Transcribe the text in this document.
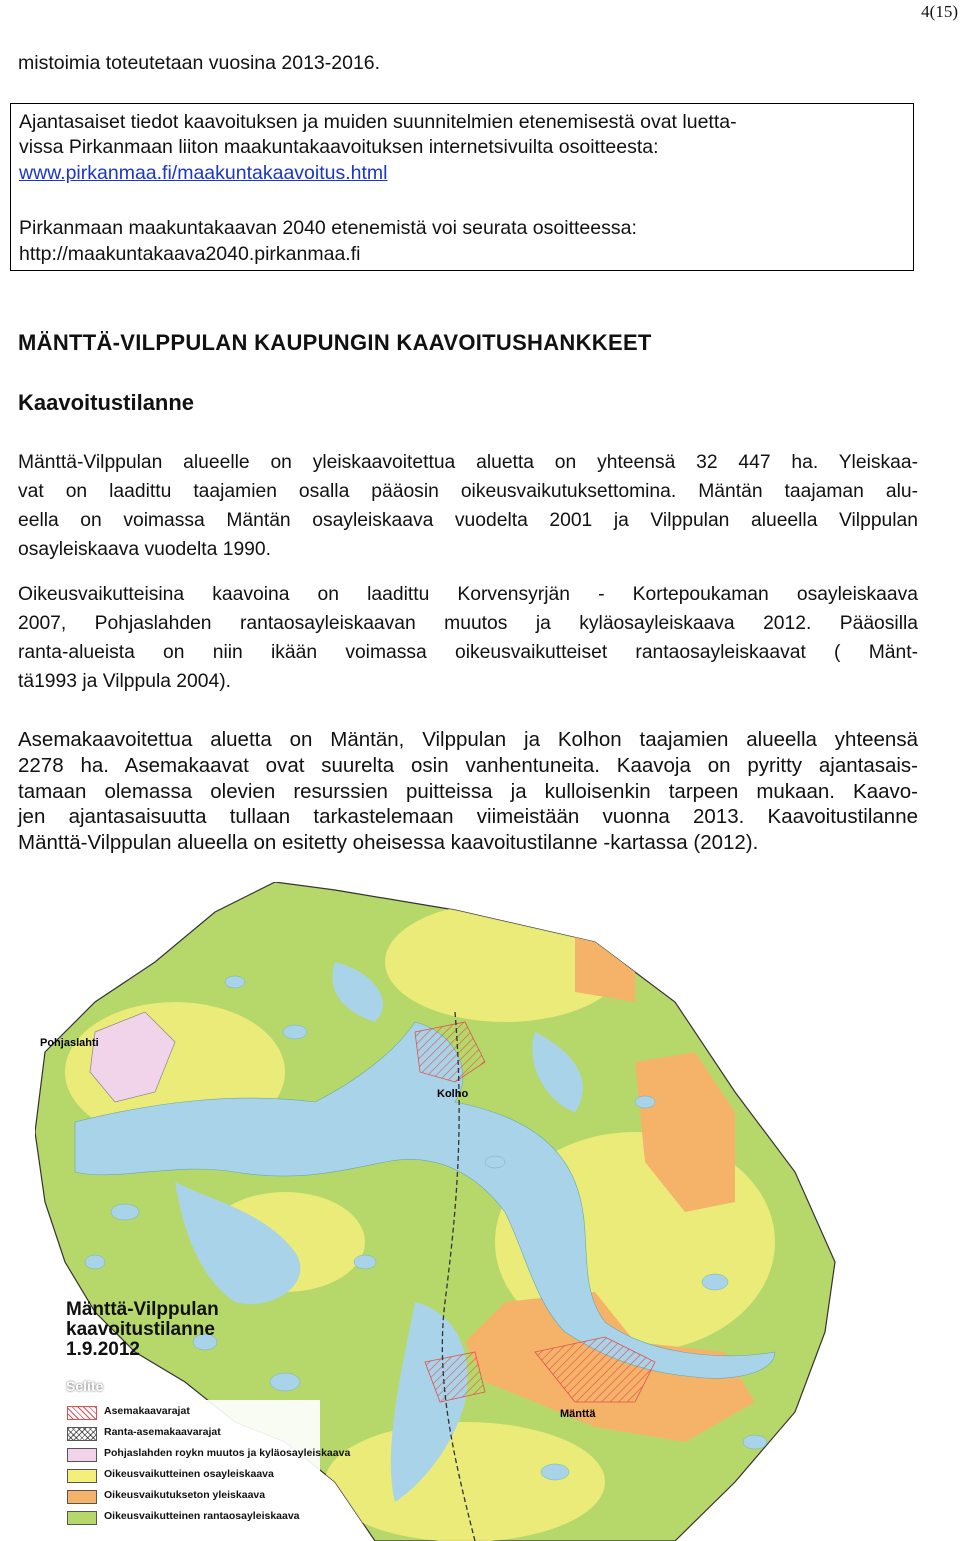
4(15)
mistoimia toteutetaan vuosina 2013-2016.
Ajantasaiset tiedot kaavoituksen ja muiden suunnitelmien etenemisestä ovat luetta-
vissa Pirkanmaan liiton maakuntakaavoituksen internetsivuilta osoitteesta:
www.pirkanmaa.fi/maakuntakaavoitus.html
Pirkanmaan maakuntakaavan 2040 etenemistä voi seurata osoitteessa:
http://maakuntakaava2040.pirkanmaa.fi
MÄNTTÄ-VILPPULAN KAUPUNGIN KAAVOITUSHANKKEET
Kaavoitustilanne
Mänttä-Vilppulan alueelle on yleiskaavoitettua aluetta on yhteensä 32 447 ha. Yleiskaa-
vat on laadittu taajamien osalla pääosin oikeusvaikutuksettomina. Mäntän taajaman alu-
eella on voimassa Mäntän osayleiskaava vuodelta 2001 ja Vilppulan alueella Vilppulan
osayleiskaava vuodelta 1990.
Oikeusvaikutteisina kaavoina on laadittu Korvensyrjän - Kortepoukaman osayleiskaava
2007, Pohjaslahden rantaosayleiskaavan muutos ja kyläosayleiskaava 2012. Pääosilla
ranta-alueista on niin ikään voimassa oikeusvaikutteiset rantaosayleiskaavat ( Mänt-
tä1993 ja Vilppula 2004).
Asemakaavoitettua aluetta on Mäntän, Vilppulan ja Kolhon taajamien alueella yhteensä
2278 ha. Asemakaavat ovat suurelta osin vanhentuneita. Kaavoja on pyritty ajantasais-
tamaan olemassa olevien resurssien puitteissa ja kulloisenkin tarpeen mukaan. Kaavo-
jen ajantasaisuutta tullaan tarkastelemaan viimeistään vuonna 2013. Kaavoitustilanne
Mänttä-Vilppulan alueella on esitetty oheisessa kaavoitustilanne -kartassa (2012).
Pohjaslahti
Kolho
Mänttä
Mänttä-Vilppulan
kaavoitustilanne
1.9.2012
Selite
Asemakaavarajat
Ranta-asemakaavarajat
Pohjaslahden roykn muutos ja kyläosayleiskaava
Oikeusvaikutteinen osayleiskaava
Oikeusvaikutukseton yleiskaava
Oikeusvaikutteinen rantaosayleiskaava
